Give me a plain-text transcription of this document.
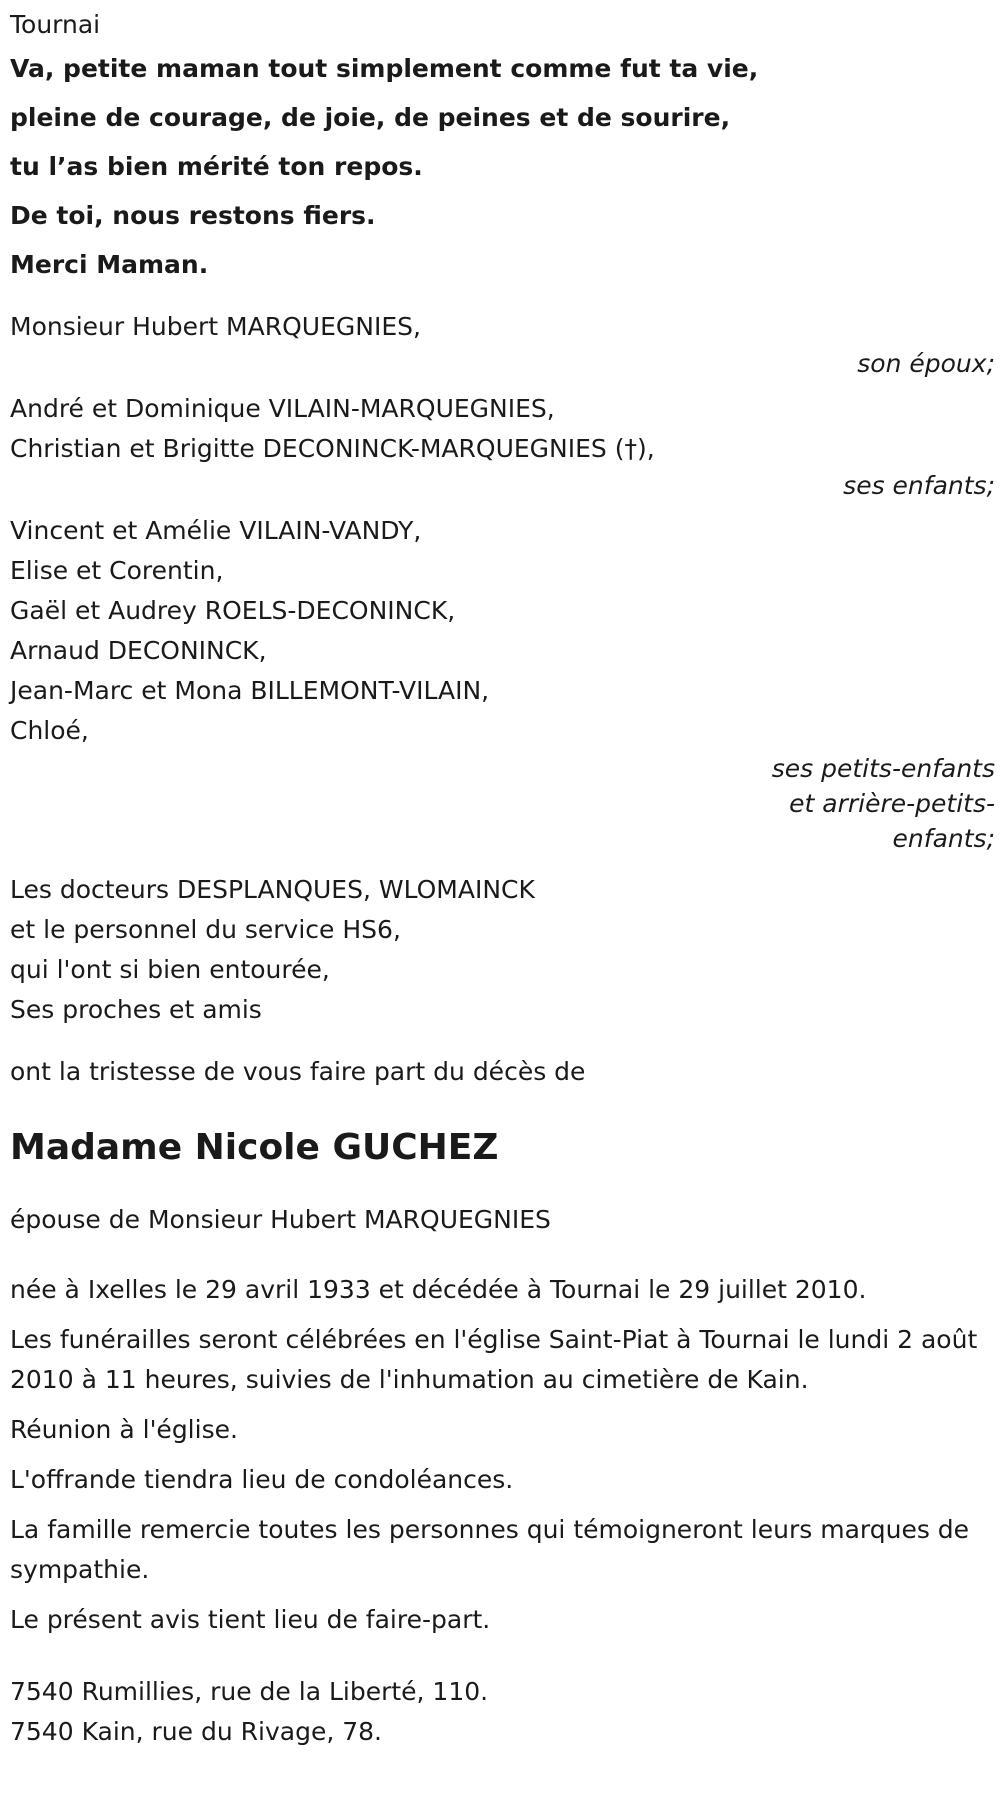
Tournai

Va, petite maman tout simplement comme fut ta vie,

pleine de courage, de joie, de peines et de sourire,

tu l’as bien mérité ton repos.

De toi, nous restons fiers.

Merci Maman.

Monsieur Hubert MARQUEGNIES,

son époux;

André et Dominique VILAIN-MARQUEGNIES,

Christian et Brigitte DECONINCK-MARQUEGNIES (†),

ses enfants;

Vincent et Amélie VILAIN-VANDY,

Elise et Corentin,

Gaël et Audrey ROELS-DECONINCK,

Arnaud DECONINCK,

Jean-Marc et Mona BILLEMONT-VILAIN,

Chloé,

ses petits-enfants
et arrière-petits-
enfants;

Les docteurs DESPLANQUES, WLOMAINCK

et le personnel du service HS6,

qui l'ont si bien entourée,

Ses proches et amis

ont la tristesse de vous faire part du décès de

Madame Nicole GUCHEZ

épouse de Monsieur Hubert MARQUEGNIES

née à Ixelles le 29 avril 1933 et décédée à Tournai le 29 juillet 2010.

Les funérailles seront célébrées en l'église Saint-Piat à Tournai le lundi 2 août 2010 à 11 heures, suivies de l'inhumation au cimetière de Kain.

Réunion à l'église.

L'offrande tiendra lieu de condoléances.

La famille remercie toutes les personnes qui témoigneront leurs marques de sympathie.

Le présent avis tient lieu de faire-part.

7540 Rumillies, rue de la Liberté, 110.

7540 Kain, rue du Rivage, 78.
